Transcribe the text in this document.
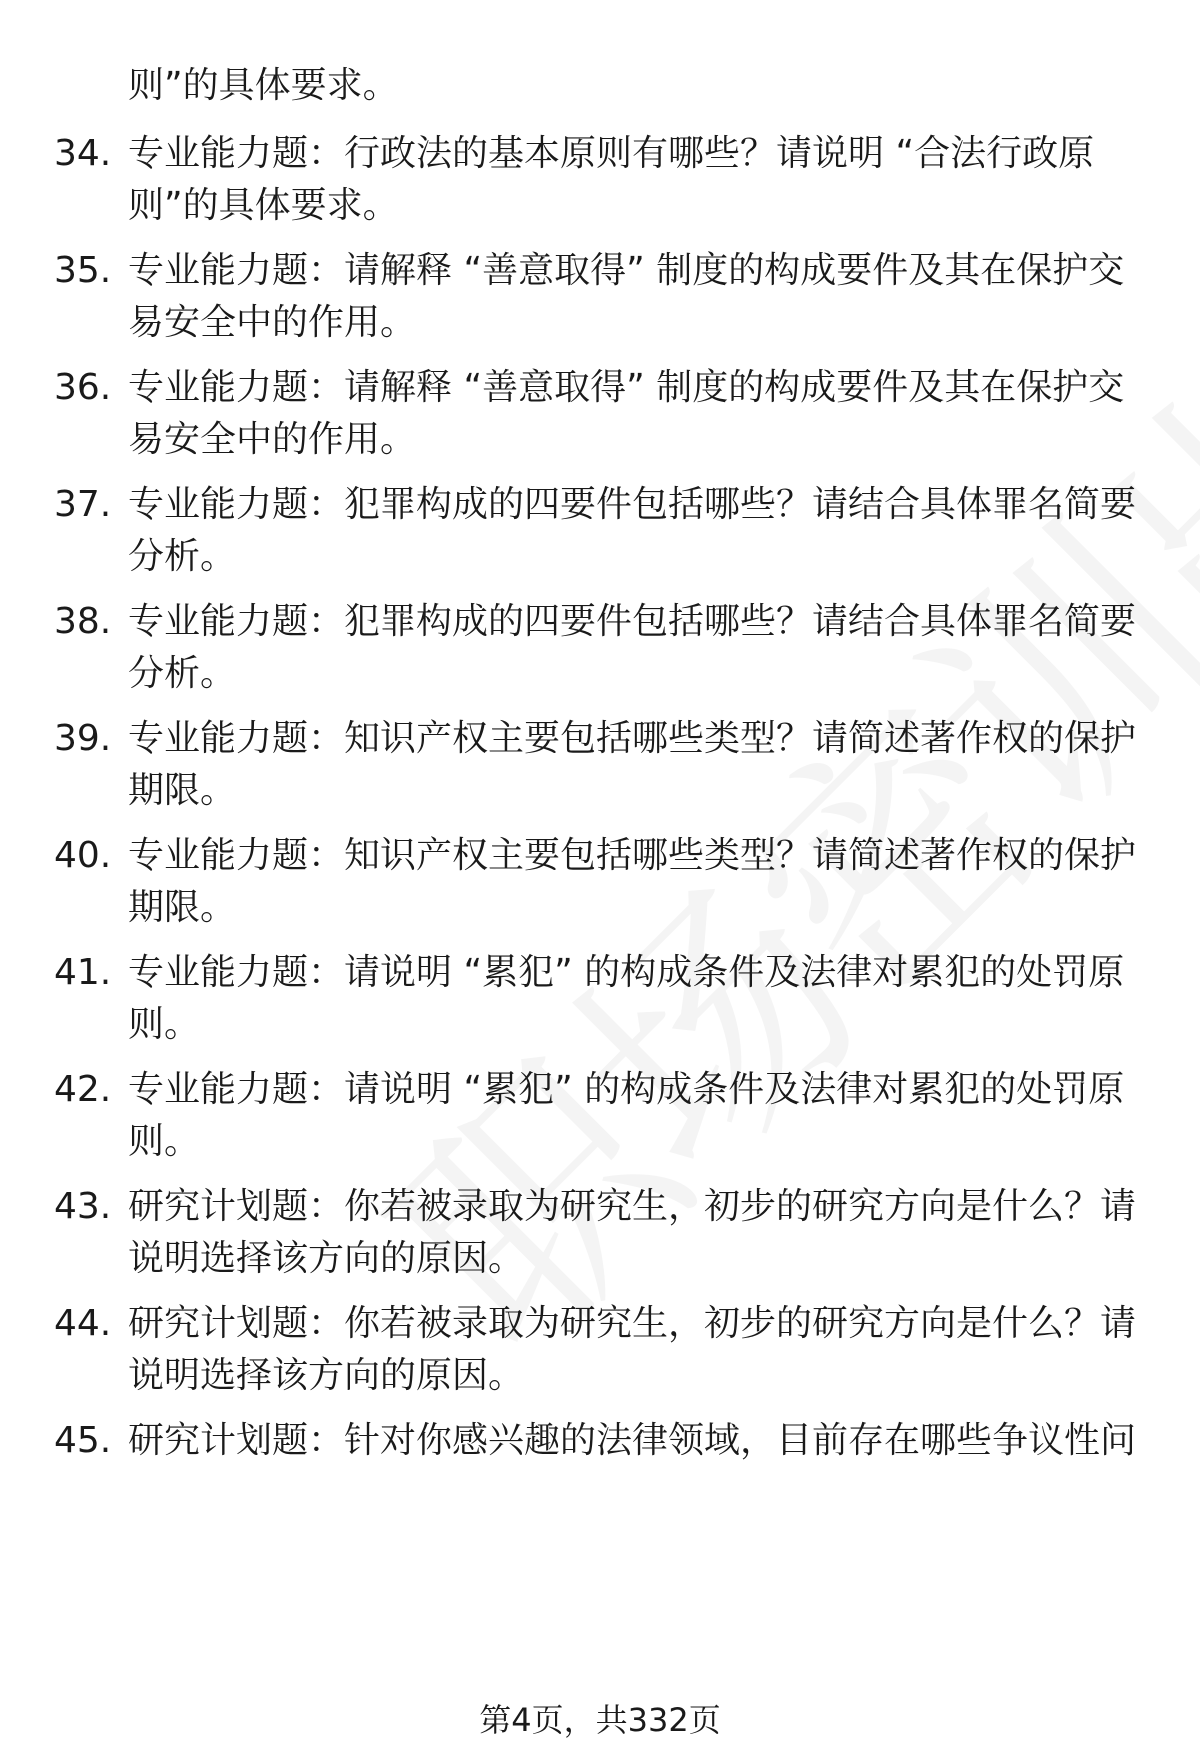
则”的具体要求。
34. 专业能力题：行政法的基本原则有哪些？请说明 “合法行政原
则”的具体要求。
35. 专业能力题：请解释 “善意取得” 制度的构成要件及其在保护交
易安全中的作用。
36. 专业能力题：请解释 “善意取得” 制度的构成要件及其在保护交
易安全中的作用。
37. 专业能力题：犯罪构成的四要件包括哪些？请结合具体罪名简要
分析。
38. 专业能力题：犯罪构成的四要件包括哪些？请结合具体罪名简要
分析。
39. 专业能力题：知识产权主要包括哪些类型？请简述著作权的保护
期限。
40. 专业能力题：知识产权主要包括哪些类型？请简述著作权的保护
期限。
41. 专业能力题：请说明 “累犯” 的构成条件及法律对累犯的处罚原
则。
42. 专业能力题：请说明 “累犯” 的构成条件及法律对累犯的处罚原
则。
43. 研究计划题：你若被录取为研究生，初步的研究方向是什么？请
说明选择该方向的原因。
44. 研究计划题：你若被录取为研究生，初步的研究方向是什么？请
说明选择该方向的原因。
45. 研究计划题：针对你感兴趣的法律领域，目前存在哪些争议性问
第4页，共332页
